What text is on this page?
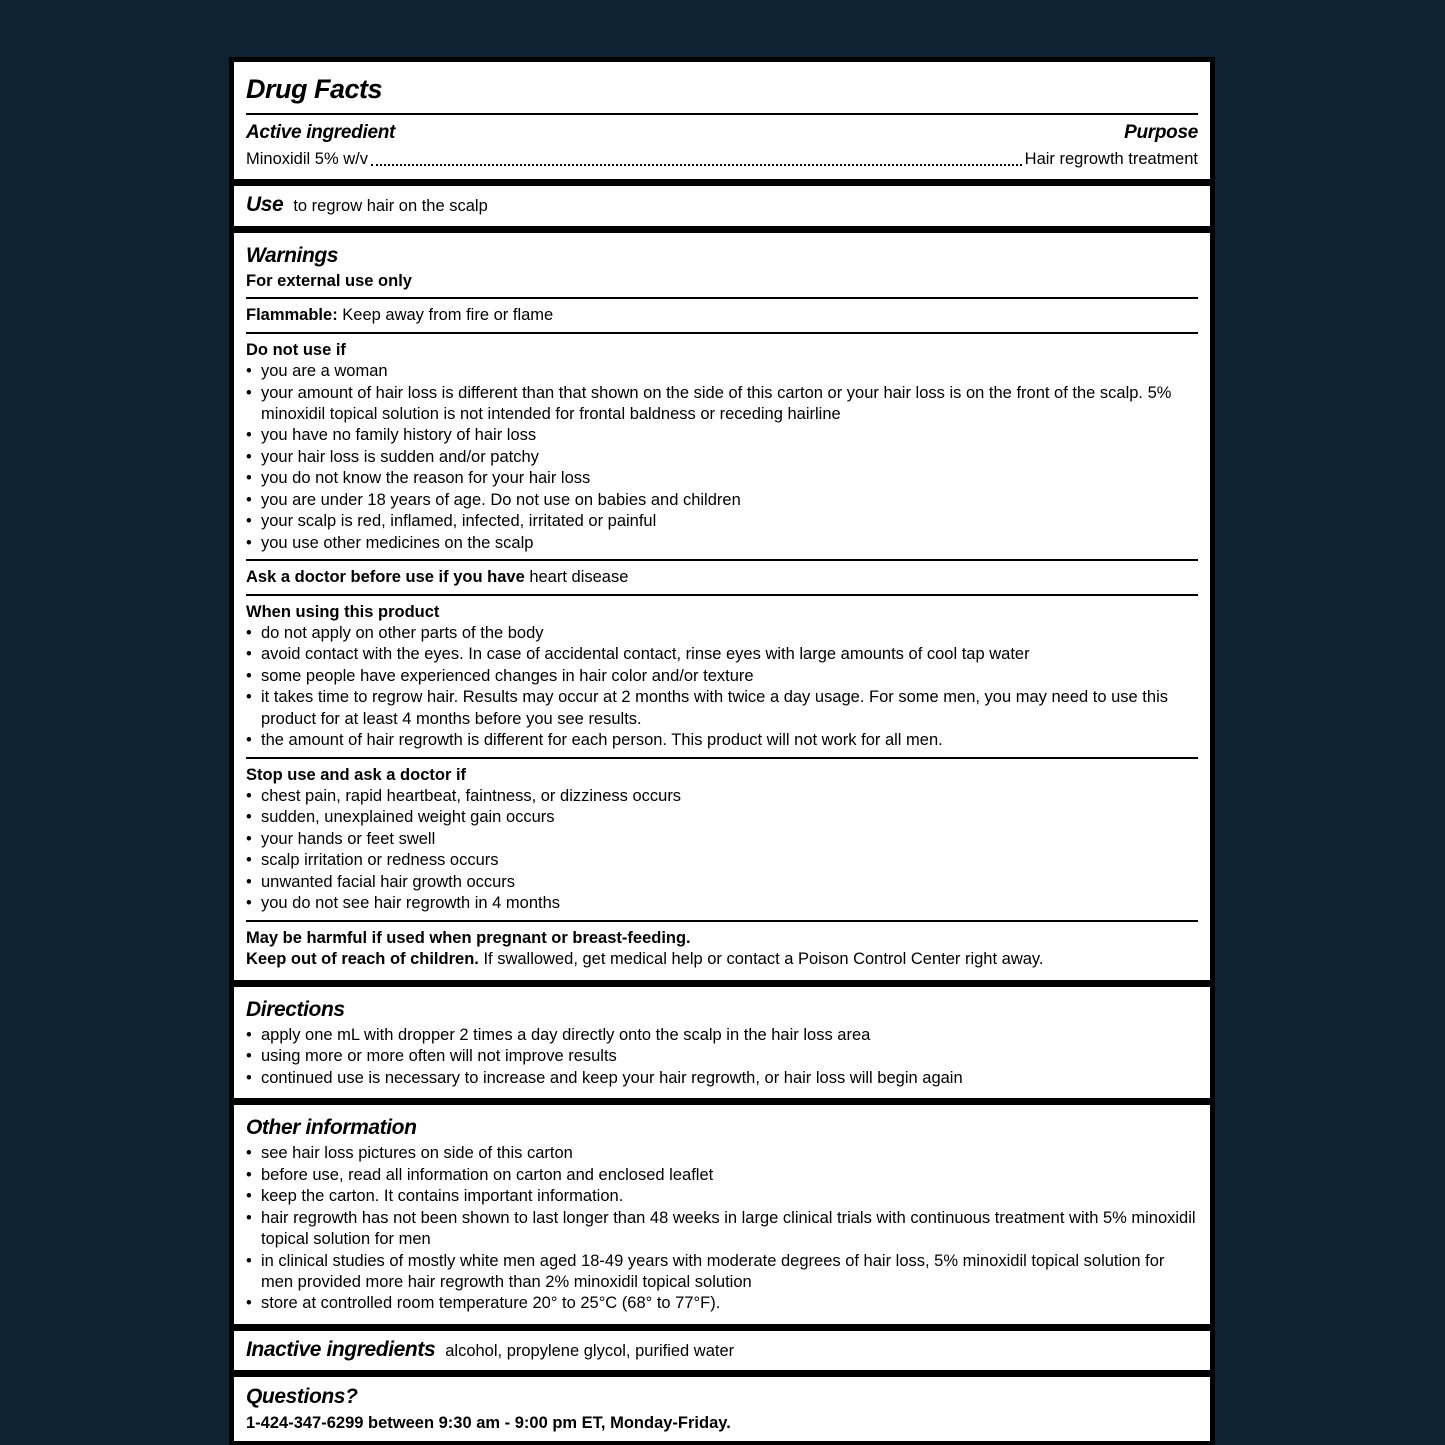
Drug Facts
Active ingredient	Purpose
Minoxidil 5% w/v	Hair regrowth treatment
Use to regrow hair on the scalp
Warnings
For external use only
Flammable: Keep away from fire or flame
Do not use if
• you are a woman
• your amount of hair loss is different than that shown on the side of this carton or your hair loss is on the front of the scalp. 5% minoxidil topical solution is not intended for frontal baldness or receding hairline
• you have no family history of hair loss
• your hair loss is sudden and/or patchy
• you do not know the reason for your hair loss
• you are under 18 years of age. Do not use on babies and children
• your scalp is red, inflamed, infected, irritated or painful
• you use other medicines on the scalp
Ask a doctor before use if you have heart disease
When using this product
• do not apply on other parts of the body
• avoid contact with the eyes. In case of accidental contact, rinse eyes with large amounts of cool tap water
• some people have experienced changes in hair color and/or texture
• it takes time to regrow hair. Results may occur at 2 months with twice a day usage. For some men, you may need to use this product for at least 4 months before you see results.
• the amount of hair regrowth is different for each person. This product will not work for all men.
Stop use and ask a doctor if
• chest pain, rapid heartbeat, faintness, or dizziness occurs
• sudden, unexplained weight gain occurs
• your hands or feet swell
• scalp irritation or redness occurs
• unwanted facial hair growth occurs
• you do not see hair regrowth in 4 months
May be harmful if used when pregnant or breast-feeding.
Keep out of reach of children. If swallowed, get medical help or contact a Poison Control Center right away.
Directions
• apply one mL with dropper 2 times a day directly onto the scalp in the hair loss area
• using more or more often will not improve results
• continued use is necessary to increase and keep your hair regrowth, or hair loss will begin again
Other information
• see hair loss pictures on side of this carton
• before use, read all information on carton and enclosed leaflet
• keep the carton. It contains important information.
• hair regrowth has not been shown to last longer than 48 weeks in large clinical trials with continuous treatment with 5% minoxidil topical solution for men
• in clinical studies of mostly white men aged 18-49 years with moderate degrees of hair loss, 5% minoxidil topical solution for men provided more hair regrowth than 2% minoxidil topical solution
• store at controlled room temperature 20° to 25°C (68° to 77°F).
Inactive ingredients alcohol, propylene glycol, purified water
Questions?
1-424-347-6299 between 9:30 am - 9:00 pm ET, Monday-Friday.
